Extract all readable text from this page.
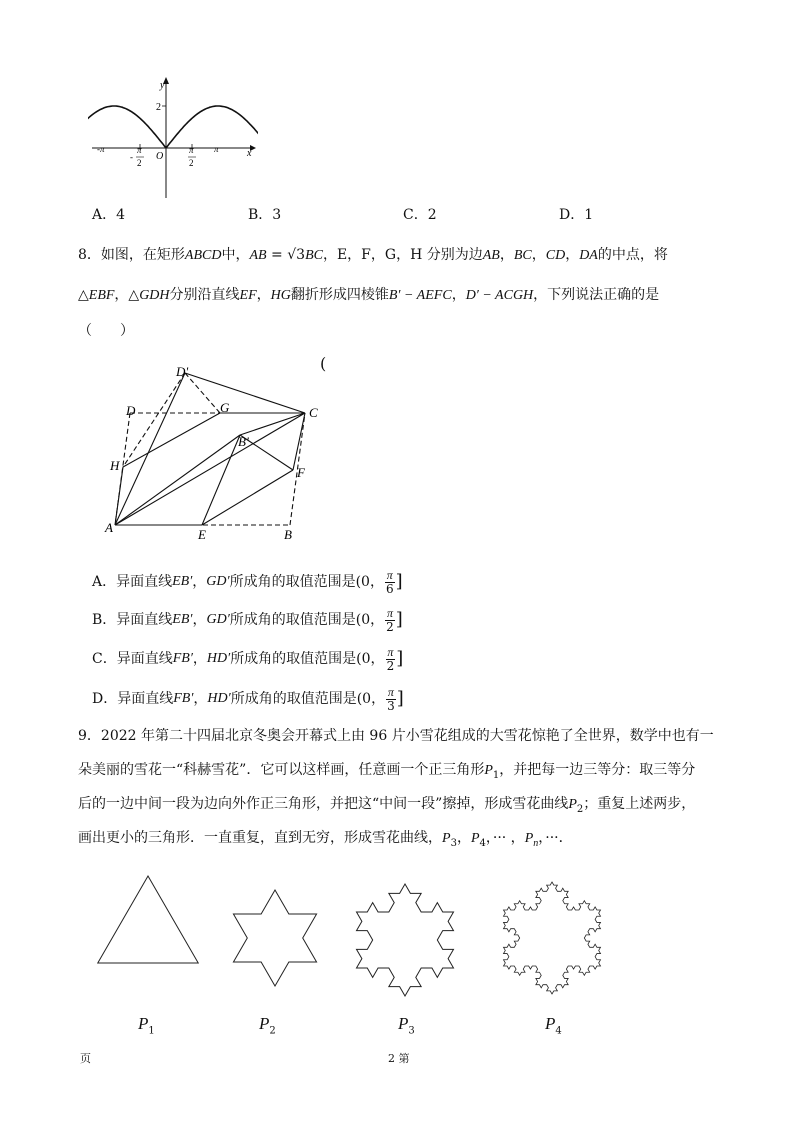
y
x
2
O
-π	π
-
2
π
2
π
A．4	B．3	C．2	D．1
8．如图，在矩形ABCD中，AB = √3BC，E，F，G，H 分别为边AB，BC，CD，DA的中点，将
△EBF，△GDH分别沿直线EF，HG翻折形成四棱锥B′ − AEFC，D′ − ACGH，下列说法正确的是
（　　）
D'
D	G	C
B'
H	F
A	E	B
(
A．异面直线 EB′ ， GD′ 所成角的取值范围是(0， $\frac{\pi}{6}$ ]
B．异面直线 EB′ ， GD′ 所成角的取值范围是(0， $\frac{\pi}{2}$ ]
C．异面直线 FB′ ， HD′ 所成角的取值范围是(0， $\frac{\pi}{2}$ ]
D．异面直线 FB′ ， HD′ 所成角的取值范围是(0， $\frac{\pi}{3}$ ]
9．2022 年第二十四届北京冬奥会开幕式上由 96 片小雪花组成的大雪花惊艳了全世界，数学中也有一
朵美丽的雪花一“科赫雪花”．它可以这样画，任意画一个正三角形$P_1$，并把每一边三等分：取三等分
后的一边中间一段为边向外作正三角形，并把这“中间一段”擦掉，形成雪花曲线$P_2$；重复上述两步，
画出更小的三角形．一直重复，直到无穷，形成雪花曲线，$P_3$，$P_4$，··· ，$P_n$，···．
$P_1$	$P_2$	$P_3$	$P_4$
页	2 第
